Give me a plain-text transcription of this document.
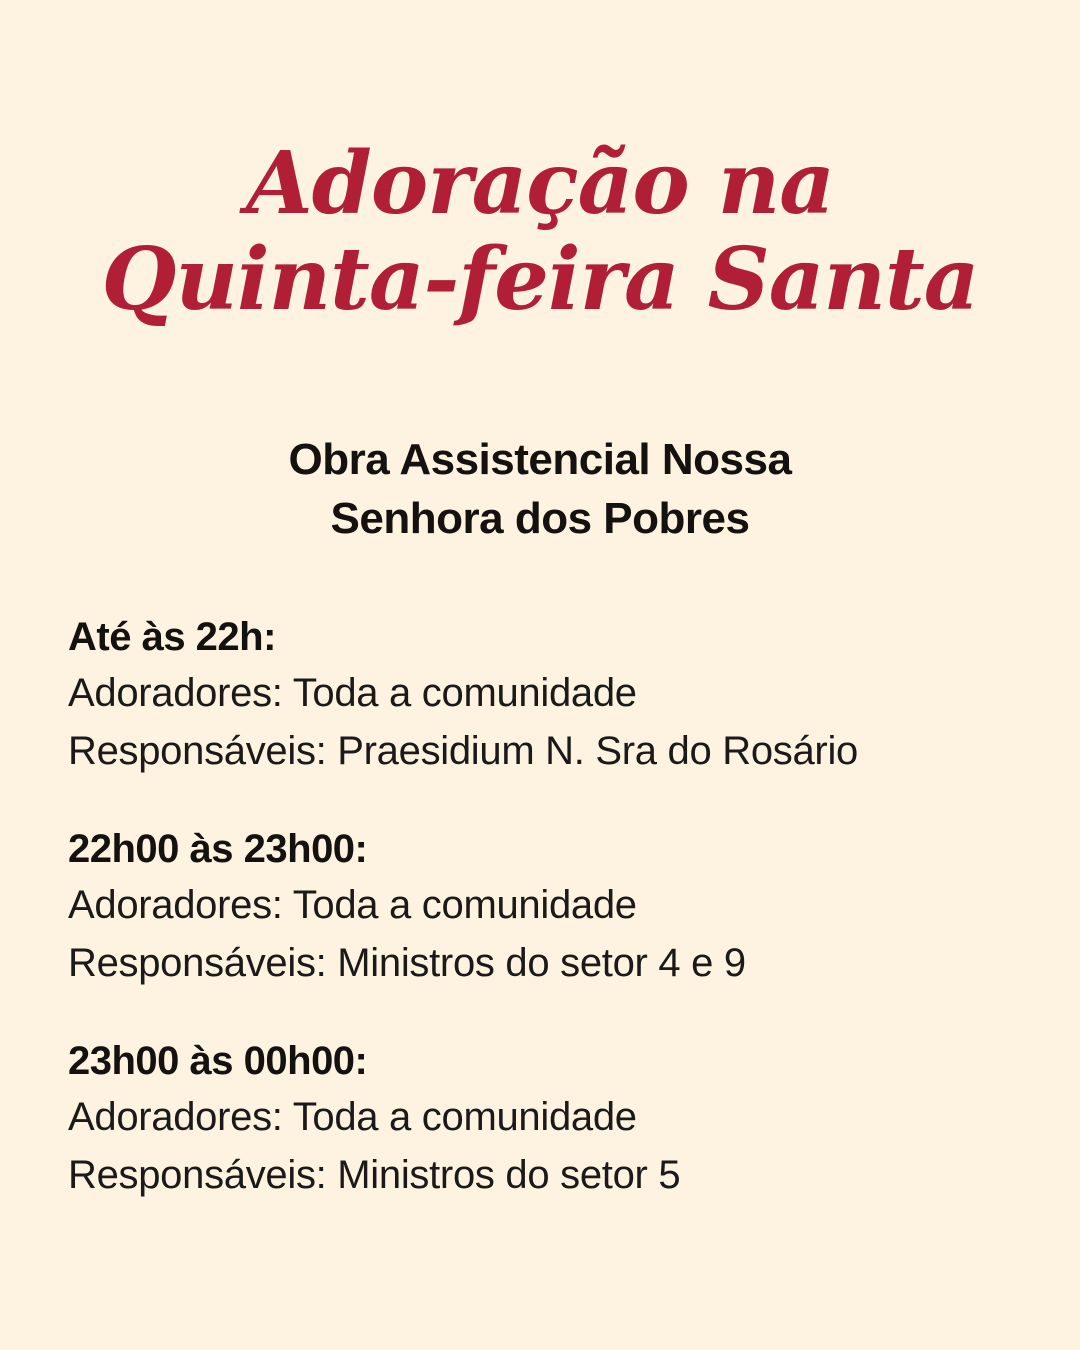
Adoração na
Quinta-feira Santa
Obra Assistencial Nossa
Senhora dos Pobres
Até às 22h:
Adoradores: Toda a comunidade
Responsáveis: Praesidium N. Sra do Rosário
22h00 às 23h00:
Adoradores: Toda a comunidade
Responsáveis: Ministros do setor 4 e 9
23h00 às 00h00:
Adoradores: Toda a comunidade
Responsáveis: Ministros do setor 5
